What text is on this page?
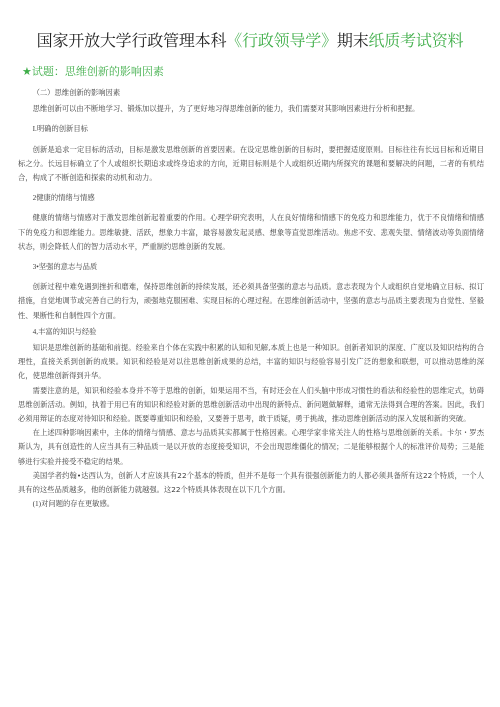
国家开放大学行政管理本科《行政领导学》期末纸质考试资料
★试题：思维创新的影响因素

（二）思维创新的影响因素

思维创新可以由不断地学习、锻炼加以提升，为了更好地习得思维创新的能力，我们需要对其影响因素进行分析和把握。

I.明确的创新目标

创新是追求一定目标的活动，目标是激发思维创新的首要因素。在设定思维创新的目标时，要把握适度原则。目标往往有长远目标和近期目标之分。长远目标确立了个人或组织长期追求或终身追求的方向，近期目标则是个人或组织近期内所探究的课题和要解决的问题，二者的有机结合，构成了不断创造和探索的动机和动力。

2健康的情绪与情感

健康的情绪与情感对于激发思维创新起着重要的作用。心理学研究表明，人在良好情绪和情感下的免疫力和思维能力，优于不良情绪和情感下的免疫力和思维能力。思维敏捷、活跃，想象力丰富，最容易激发起灵感、想象等直觉思维活动。焦虑不安、悲观失望、情绪波动等负面情绪状态，则会降低人们的智力活动水平，严重制约思维创新的发展。

3•坚强的意志与品质

创新过程中难免遇到挫折和磨难，保持思维创新的持续发展，还必须具备坚强的意志与品质。意志表现为个人或组织自觉地确立目标、拟订措施，自觉地调节或完善自己的行为，顽强地克服困难、实现目标的心理过程。在思维创新活动中，坚强的意志与品质主要表现为自觉性、坚毅性、果断性和自制性四个方面。

4,丰富的知识与经验

知识是思维创新的基础和前提。经验来自个体在实践中积累的认知和见解,本质上也是一种知识。创新者知识的深度、广度以及知识结构的合理性，直接关系到创新的成果。知识和经验是对以往思维创新成果的总结，丰富的知识与经验容易引发广泛的想象和联想，可以推动思维的深化，使思维创新得到升华。

需要注意的是，知识和经验本身并不等于思维的创新，如果运用不当，有时还会在人们头脑中形成习惯性的看法和经验性的思维定式，妨碍思维创新活动。例如，执着于用已有的知识和经验对新的思维创新活动中出现的新特点、新问题做解释，通常无法得到合理的答案。因此，我们必须用辩证的态度对待知识和经验。既要尊重知识和经验，又要善于思考，敢于质疑，勇于挑战，推动思维创新活动的深入发展和新的突破。

在上述四种影响因素中，主体的情绪与情感、意志与品质其实都属于性格因素。心理学家非常关注人的性格与思维创新的关系。卡尔・罗杰斯认为，具有创造性的人应当具有三种品质一是以开放的态度接受知识，不会出现思维僵化的情况；二是能够根据个人的标准评价局势；三是能够进行实验并接受不稳定的结果。

美国学者约翰•达西认为，创新人才应该具有22个基本的特质，但并不是每一个具有很强创新能力的人都必须具备所有这22个特质，一个人具有的这些品质越多，他的创新能力就越强。这22个特质具体表现在以下几个方面。

(1)对问题的存在更敏感。
